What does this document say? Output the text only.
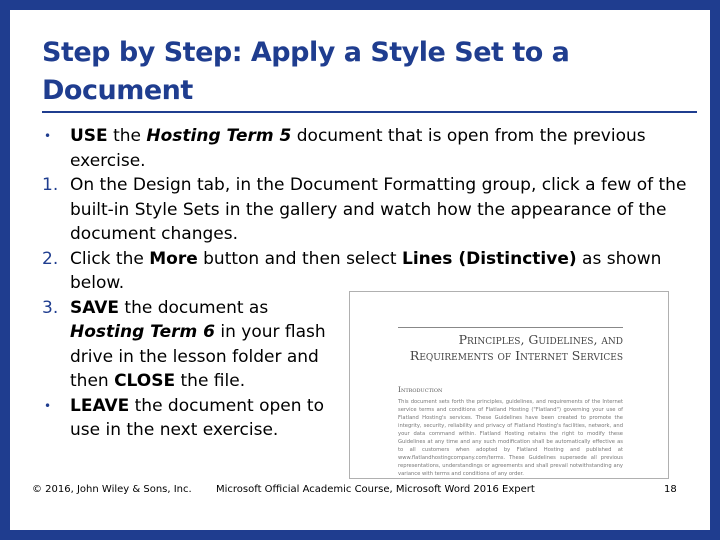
Step by Step: Apply a Style Set to a Document
•	USE the Hosting Term 5 document that is open from the previous exercise.
1. On the Design tab, in the Document Formatting group, click a few of the built-in Style Sets in the gallery and watch how the appearance of the document changes.
2. Click the More button and then select Lines (Distinctive) as shown below.
3. SAVE the document as Hosting Term 6 in your flash drive in the lesson folder and then CLOSE the file.
•	LEAVE the document open to use in the next exercise.
Principles, Guidelines, and Requirements of Internet Services
Introduction
This document sets forth the principles, guidelines, and requirements of the Internet service terms and conditions of Flatland Hosting ("Flatland") governing your use of Flatland Hosting's services. These Guidelines have been created to promote the integrity, security, reliability and privacy of Flatland Hosting's facilities, network, and your data command within. Flatland Hosting retains the right to modify these Guidelines at any time and any such modification shall be automatically effective as to all customers when adopted by Flatland Hosting and published at www.flatlandhostingcompany.com/terms. These Guidelines supersede all previous representations, understandings or agreements and shall prevail notwithstanding any variance with terms and conditions of any order.
© 2016, John Wiley & Sons, Inc. Microsoft Official Academic Course, Microsoft Word 2016 Expert	18
